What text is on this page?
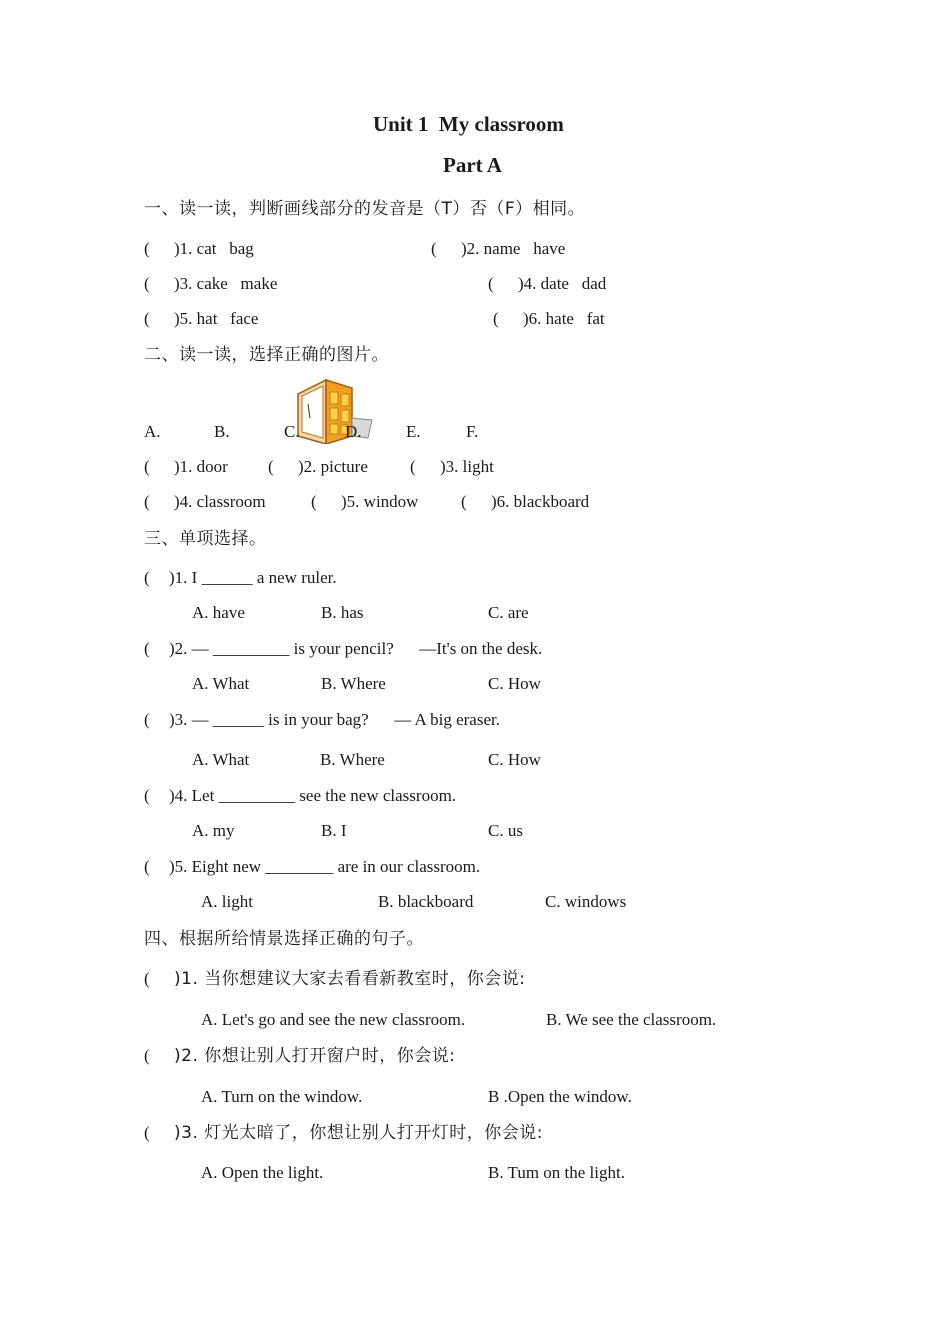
Unit 1  My classroom
Part A
一、读一读，判断画线部分的发音是（T）否（F）相同。
( )1. cat   bag	( )2. name   have
( )3. cake   make	( )4. date   dad
( )5. hat   face	( )6. hate   fat
二、读一读，选择正确的图片。
A.	B.	C.	D.	E.	F.
( )1. door ( )2. picture ( )3. light
( )4. classroom	( )5. window	( )6. blackboard
三、单项选择。
( )1. I ______ a new ruler.
A. have	B. has	C. are
( )2. — _________ is your pencil?      —It's on the desk.
A. What	B. Where	C. How
( )3. — ______ is in your bag?      — A big eraser.
A. What	B. Where	C. How
( )4. Let _________ see the new classroom.
A. my	B. I	C. us
( )5. Eight new ________ are in our classroom.
A. light	B. blackboard	C. windows
四、根据所给情景选择正确的句子。
( )1. 当你想建议大家去看看新教室时，你会说:
A. Let's go and see the new classroom.	B. We see the classroom.
( )2. 你想让别人打开窗户时，你会说:
A. Turn on the window.	B .Open the window.
( )3. 灯光太暗了，你想让别人打开灯时，你会说:
A. Open the light.	B. Tum on the light.
